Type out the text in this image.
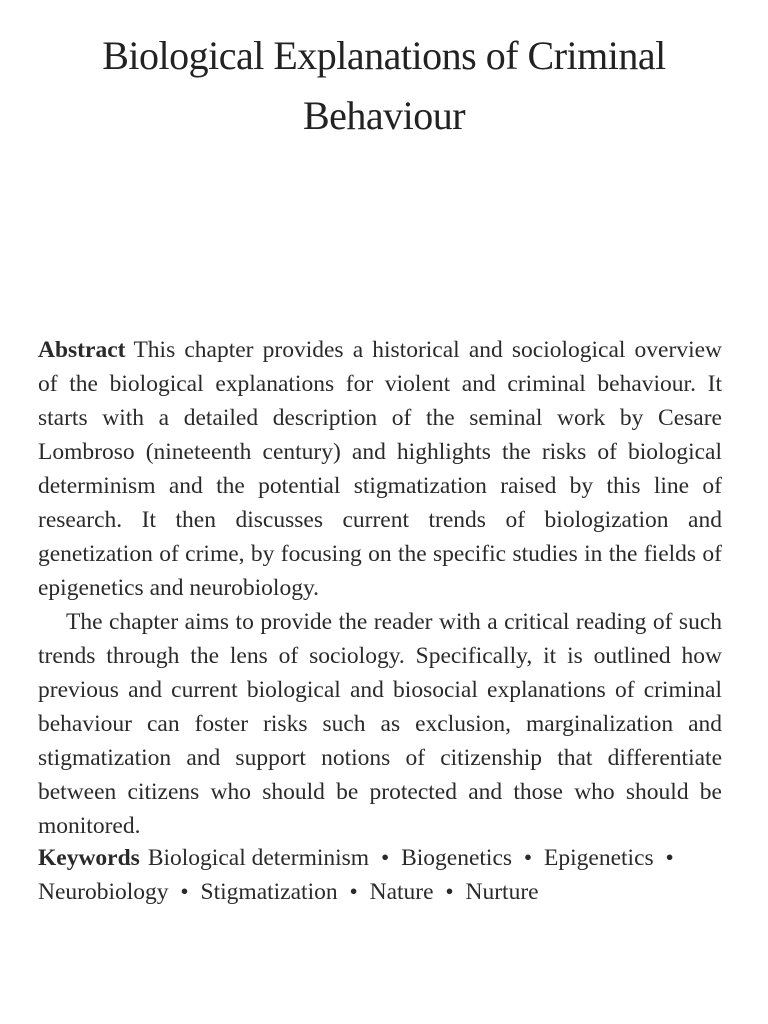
Biological Explanations of Criminal
Behaviour

Abstract This chapter provides a historical and sociological overview of the biological explanations for violent and criminal behaviour. It starts with a detailed description of the seminal work by Cesare Lombroso (nineteenth century) and highlights the risks of biological determinism and the potential stigmatization raised by this line of research. It then discusses current trends of biologization and genetization of crime, by focusing on the specific studies in the fields of epigenetics and neurobiology.

The chapter aims to provide the reader with a critical reading of such trends through the lens of sociology. Specifically, it is outlined how previous and current biological and biosocial explanations of criminal behaviour can foster risks such as exclusion, marginalization and stigmatization and support notions of citizenship that differentiate between citizens who should be protected and those who should be monitored.

Keywords Biological determinism • Biogenetics • Epigenetics • Neurobiology • Stigmatization • Nature • Nurture
